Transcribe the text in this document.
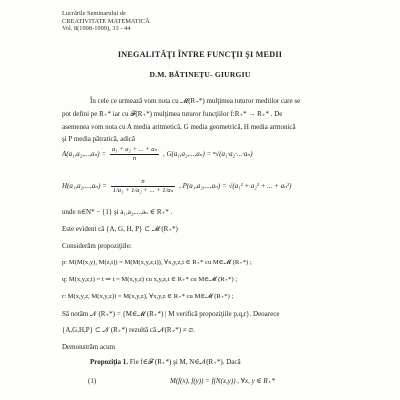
Lucrările Seminarului de
CREATIVITATE MATEMATICĂ
Vol. 8(1998-1999), 33 - 44
INEGALITĂŢI ÎNTRE FUNCŢII ŞI MEDII
D.M. BĂTINEŢU- GIURGIU
În cele ce urmează vom nota cu 𝓜(R₊*) mulţimea tuturor mediilor care se
pot defini pe R₊* iar cu 𝓕(R₊*) mulţimea tuturor funcţiilor f:R₊* → R₊* . De
asemenea vom nota cu A media aritmetică, G media geometrică, H media armonică
şi P media pătratică, adică
$A(a_1,a_2,...,a_n) = \frac{\text{a₁ + a₂ + ... + aₙ}}{n}$ , G(a₁,a₂,...,aₙ) = ⁿ√(a₁·a₂·...·aₙ)
$H(a_1,a_2,...,a_n) = \frac{n}{\text{1/a₁ + 1/a₂ + ... + 1/aₙ}}$ , P(a₁,a₂,...,aₙ) = √(a₁² + a₂² + ... + aₙ²)
unde n∈N* − {1} şi a₁,a₂,...,aₙ ∈ R₊* .
Este evident că {A, G, H, P} ⊂ 𝓜 (R₊*)
Considerăm propoziţiile:
p: M(M(x,y), M(z,t)) = M(M(x,y,z,t)), ∀x,y,z,t ∈ R₊* cu M∈𝓜 (R₊*) ;
q: M(x,y,z,t) = t ⇒ t = M(x,y,z) cu x,y,z,t ∈ R₊* cu M∈𝓜 (R₊*) ;
r: M(x,y,z, M(x,y,z)) = M(x,y,z), ∀x,y,z ∈ R₊* cu M∈𝓜 (R₊*) ;
Să notăm 𝒩 (R₊*) = {M∈𝓜 (R₊*) | M verifică propoziţiile p,q,r}. Deoarece
{A,G,H,P} ⊂ 𝒩 (R₊*) rezultă că 𝒩(R₊*) ≠ ∅.
Demonstrăm acum
Propoziţia 1. Fie f∈𝓕 (R₊*) şi M, N∈𝒩(R₊*). Dacă
(1)	M(f(x), f(y)) = f(N(x,y)) , ∀x, y ∈ R₊*
